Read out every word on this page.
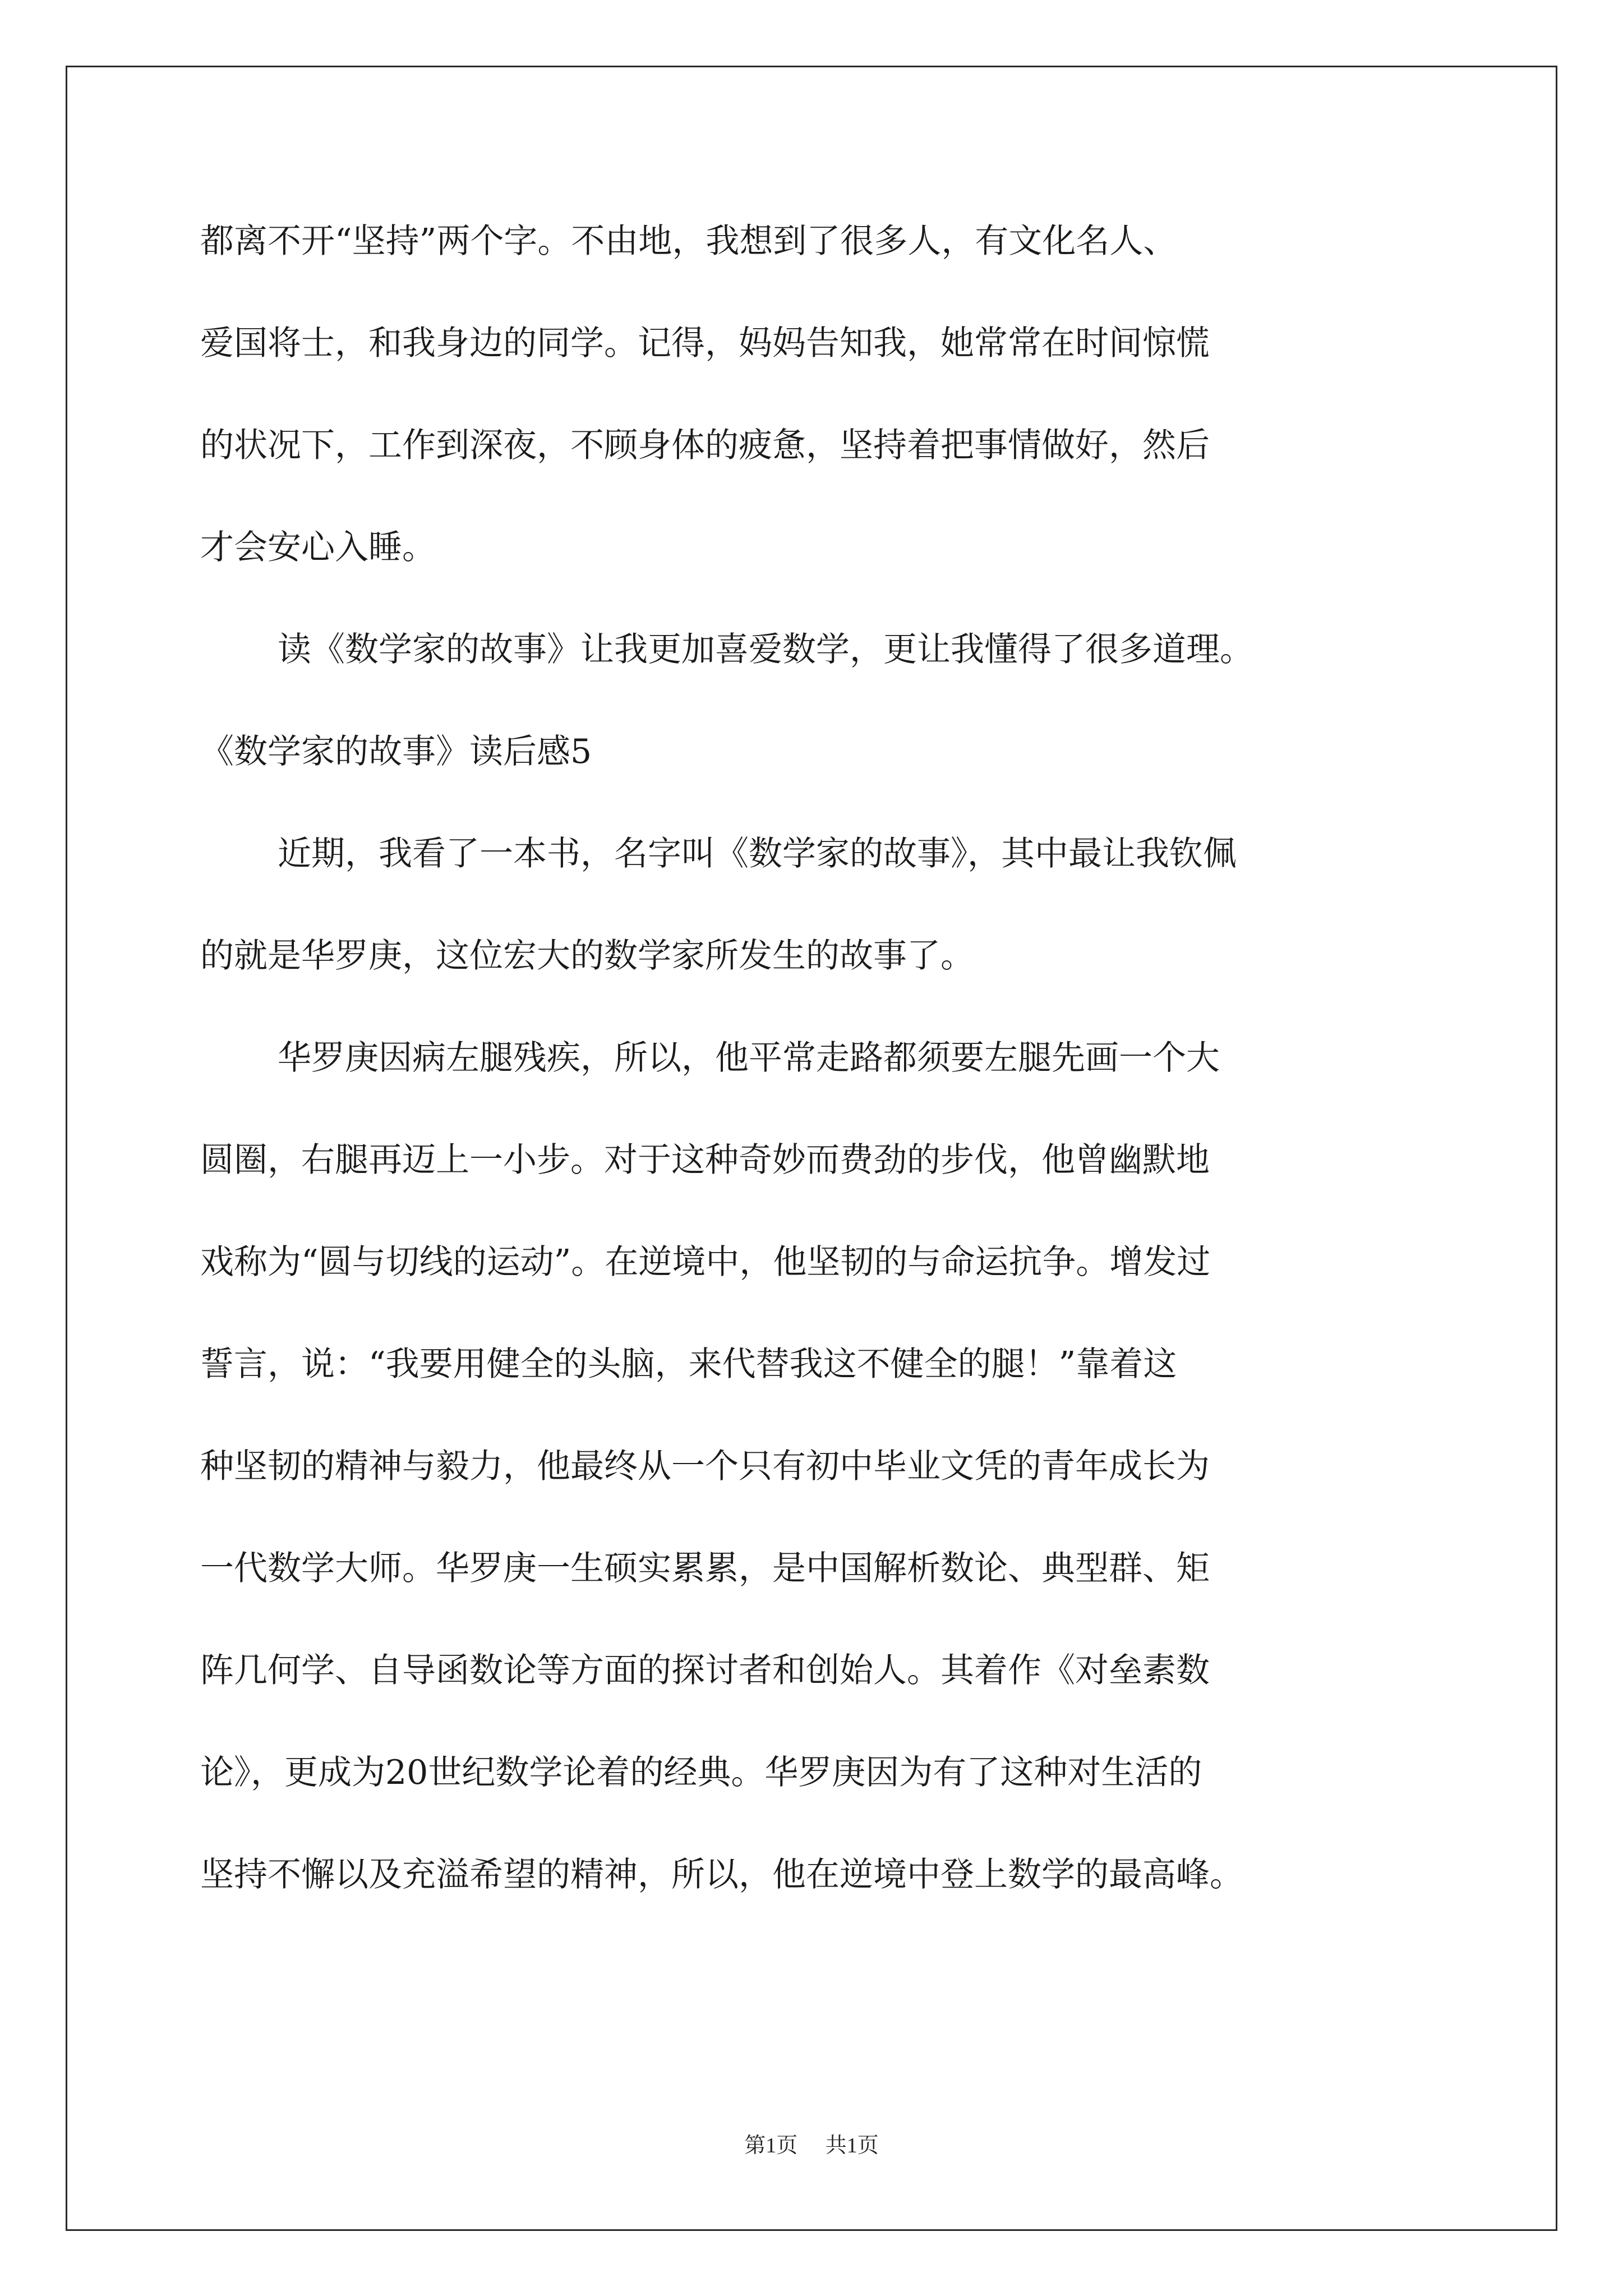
都离不开“坚持”两个字。不由地，我想到了很多人，有文化名人、
爱国将士，和我身边的同学。记得，妈妈告知我，她常常在时间惊慌
的状况下，工作到深夜，不顾身体的疲惫，坚持着把事情做好，然后
才会安心入睡。
读《数学家的故事》让我更加喜爱数学，更让我懂得了很多道理。
《数学家的故事》读后感5
近期，我看了一本书，名字叫《数学家的故事》，其中最让我钦佩
的就是华罗庚，这位宏大的数学家所发生的故事了。
华罗庚因病左腿残疾，所以，他平常走路都须要左腿先画一个大
圆圈，右腿再迈上一小步。对于这种奇妙而费劲的步伐，他曾幽默地
戏称为“圆与切线的运动”。在逆境中，他坚韧的与命运抗争。增发过
誓言，说：“我要用健全的头脑，来代替我这不健全的腿！”靠着这
种坚韧的精神与毅力，他最终从一个只有初中毕业文凭的青年成长为
一代数学大师。华罗庚一生硕实累累，是中国解析数论、典型群、矩
阵几何学、自导函数论等方面的探讨者和创始人。其着作《对垒素数
论》，更成为20世纪数学论着的经典。华罗庚因为有了这种对生活的
坚持不懈以及充溢希望的精神，所以，他在逆境中登上数学的最高峰。
第1页 共1页
